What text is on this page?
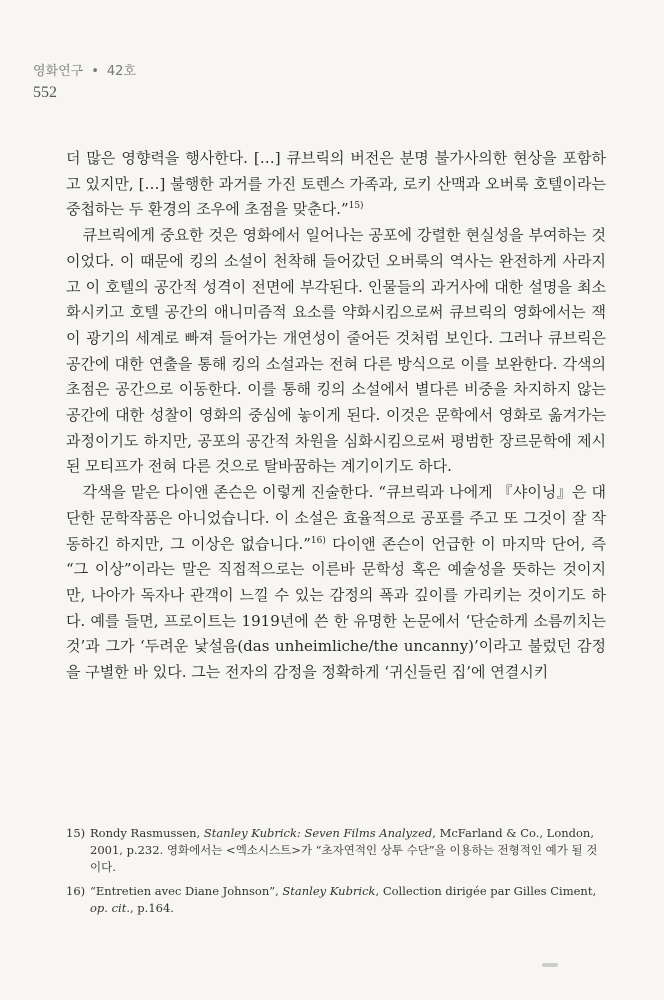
영화연구 • 42호
552

더 많은 영향력을 행사한다. […] 큐브릭의 버전은 분명 불가사의한 현상을 포함하고 있지만, […] 불행한 과거를 가진 토렌스 가족과, 로키 산맥과 오버룩 호텔이라는 중첩하는 두 환경의 조우에 초점을 맞춘다.”$^{15)}$

큐브릭에게 중요한 것은 영화에서 일어나는 공포에 강렬한 현실성을 부여하는 것이었다. 이 때문에 킹의 소설이 천착해 들어갔던 오버룩의 역사는 완전하게 사라지고 이 호텔의 공간적 성격이 전면에 부각된다. 인물들의 과거사에 대한 설명을 최소화시키고 호텔 공간의 애니미즘적 요소를 약화시킴으로써 큐브릭의 영화에서는 잭이 광기의 세계로 빠져 들어가는 개연성이 줄어든 것처럼 보인다. 그러나 큐브릭은 공간에 대한 연출을 통해 킹의 소설과는 전혀 다른 방식으로 이를 보완한다. 각색의 초점은 공간으로 이동한다. 이를 통해 킹의 소설에서 별다른 비중을 차지하지 않는 공간에 대한 성찰이 영화의 중심에 놓이게 된다. 이것은 문학에서 영화로 옮겨가는 과정이기도 하지만, 공포의 공간적 차원을 심화시킴으로써 평범한 장르문학에 제시된 모티프가 전혀 다른 것으로 탈바꿈하는 계기이기도 하다.

각색을 맡은 다이앤 존슨은 이렇게 진술한다. “큐브릭과 나에게 『샤이닝』은 대단한 문학작품은 아니었습니다. 이 소설은 효율적으로 공포를 주고 또 그것이 잘 작동하긴 하지만, 그 이상은 없습니다.”$^{16)}$ 다이앤 존슨이 언급한 이 마지막 단어, 즉 “그 이상”이라는 말은 직접적으로는 이른바 문학성 혹은 예술성을 뜻하는 것이지만, 나아가 독자나 관객이 느낄 수 있는 감정의 폭과 깊이를 가리키는 것이기도 하다. 예를 들면, 프로이트는 1919년에 쓴 한 유명한 논문에서 ‘단순하게 소름끼치는 것’과 그가 ‘두려운 낯설음(das unheimliche/the uncanny)’이라고 불렀던 감정을 구별한 바 있다. 그는 전자의 감정을 정확하게 ‘귀신들린 집’에 연결시키

15) Rondy Rasmussen, Stanley Kubrick: Seven Films Analyzed, McFarland & Co., London, 2001, p.232. 영화에서는 <엑소시스트>가 “초자연적인 상투 수단”을 이용하는 전형적인 예가 될 것이다.
16) “Entretien avec Diane Johnson”, Stanley Kubrick, Collection dirigée par Gilles Ciment, op. cit., p.164.
